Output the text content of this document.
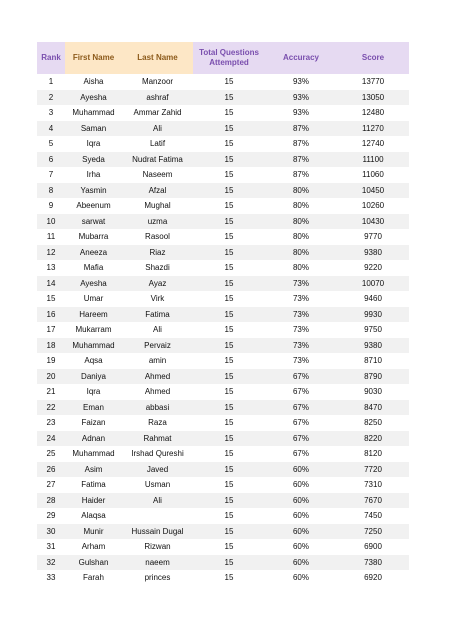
Rank	First Name	Last Name	Total Questions Attempted	Accuracy	Score
1	Aisha	Manzoor	15	93%	13770
2	Ayesha	ashraf	15	93%	13050
3	Muhammad	Ammar Zahid	15	93%	12480
4	Saman	Ali	15	87%	11270
5	Iqra	Latif	15	87%	12740
6	Syeda	Nudrat Fatima	15	87%	11100
7	Irha	Naseem	15	87%	11060
8	Yasmin	Afzal	15	80%	10450
9	Abeenum	Mughal	15	80%	10260
10	sarwat	uzma	15	80%	10430
11	Mubarra	Rasool	15	80%	9770
12	Aneeza	Riaz	15	80%	9380
13	Mafia	Shazdi	15	80%	9220
14	Ayesha	Ayaz	15	73%	10070
15	Umar	Virk	15	73%	9460
16	Hareem	Fatima	15	73%	9930
17	Mukarram	Ali	15	73%	9750
18	Muhammad	Pervaiz	15	73%	9380
19	Aqsa	amin	15	73%	8710
20	Daniya	Ahmed	15	67%	8790
21	Iqra	Ahmed	15	67%	9030
22	Eman	abbasi	15	67%	8470
23	Faizan	Raza	15	67%	8250
24	Adnan	Rahmat	15	67%	8220
25	Muhammad	Irshad Qureshi	15	67%	8120
26	Asim	Javed	15	60%	7720
27	Fatima	Usman	15	60%	7310
28	Haider	Ali	15	60%	7670
29	Alaqsa		15	60%	7450
30	Munir	Hussain Dugal	15	60%	7250
31	Arham	Rizwan	15	60%	6900
32	Gulshan	naeem	15	60%	7380
33	Farah	princes	15	60%	6920
